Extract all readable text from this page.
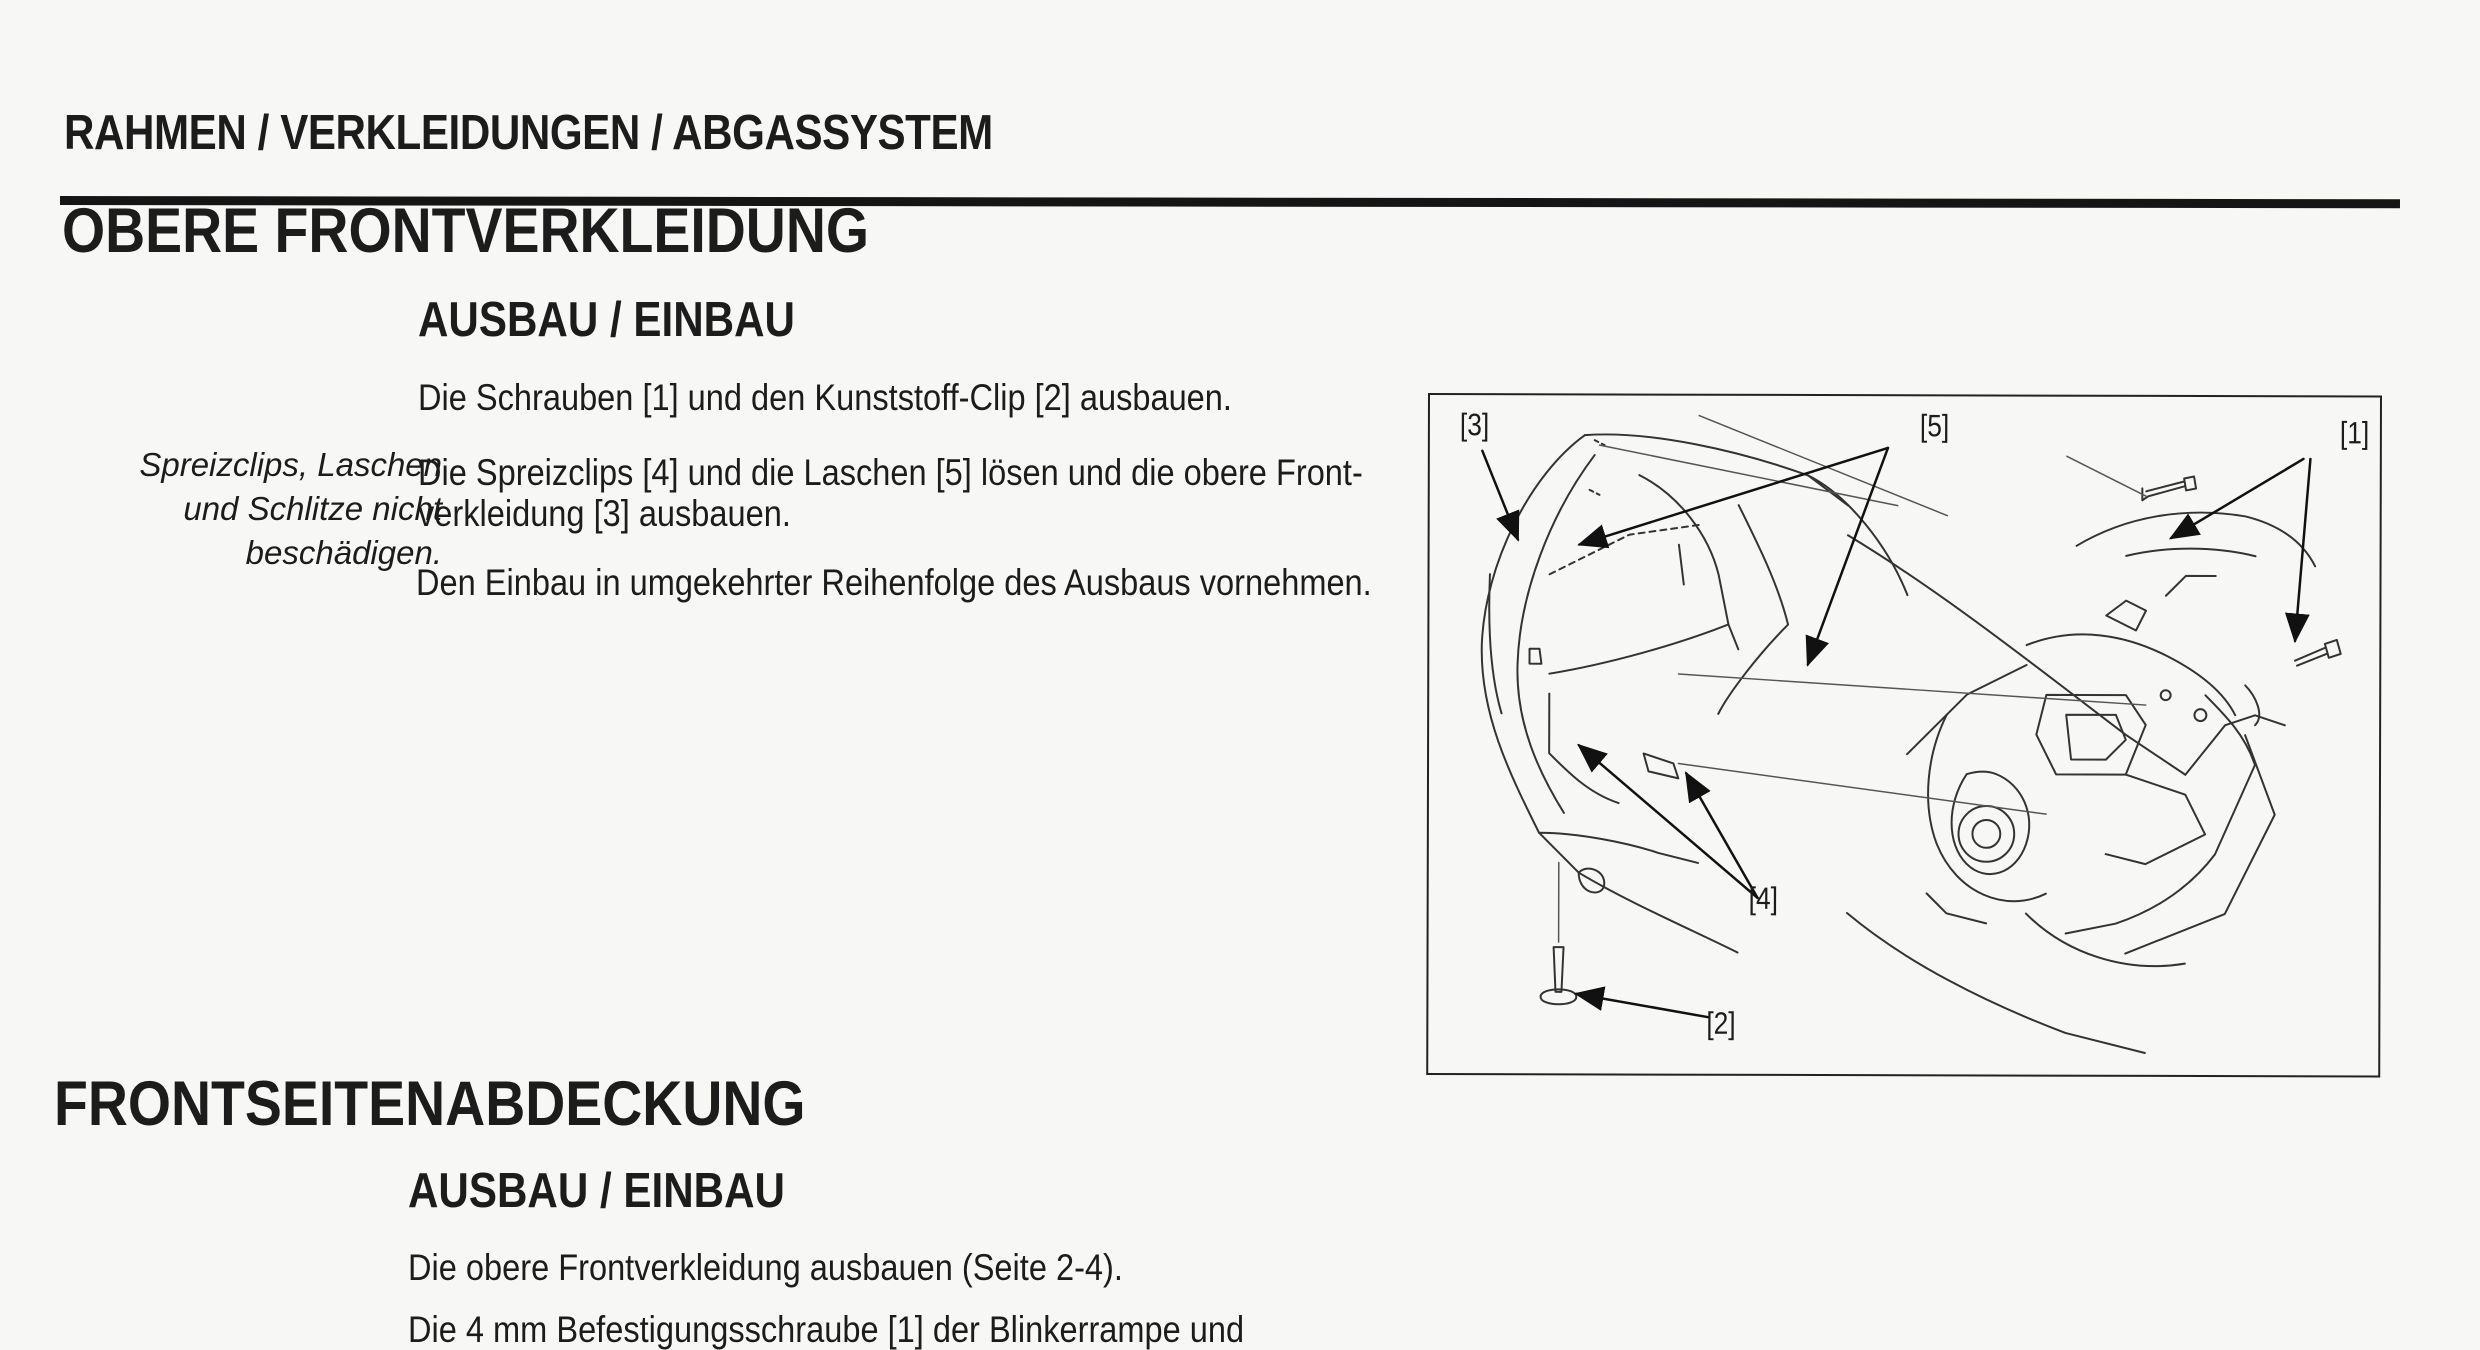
RAHMEN / VERKLEIDUNGEN / ABGASSYSTEM
OBERE FRONTVERKLEIDUNG
AUSBAU / EINBAU
Die Schrauben [1] und den Kunststoff-Clip [2] ausbauen.
Die Spreizclips [4] und die Laschen [5] lösen und die obere Front-
verkleidung [3] ausbauen.
Den Einbau in umgekehrter Reihenfolge des Ausbaus vornehmen.
Spreizclips, Laschen
und Schlitze nicht
beschädigen.
[3]	[5]	[1]
[4]
[2]
FRONTSEITENABDECKUNG
AUSBAU / EINBAU
Die obere Frontverkleidung ausbauen (Seite 2-4).
Die 4 mm Befestigungsschraube [1] der Blinkerrampe und
